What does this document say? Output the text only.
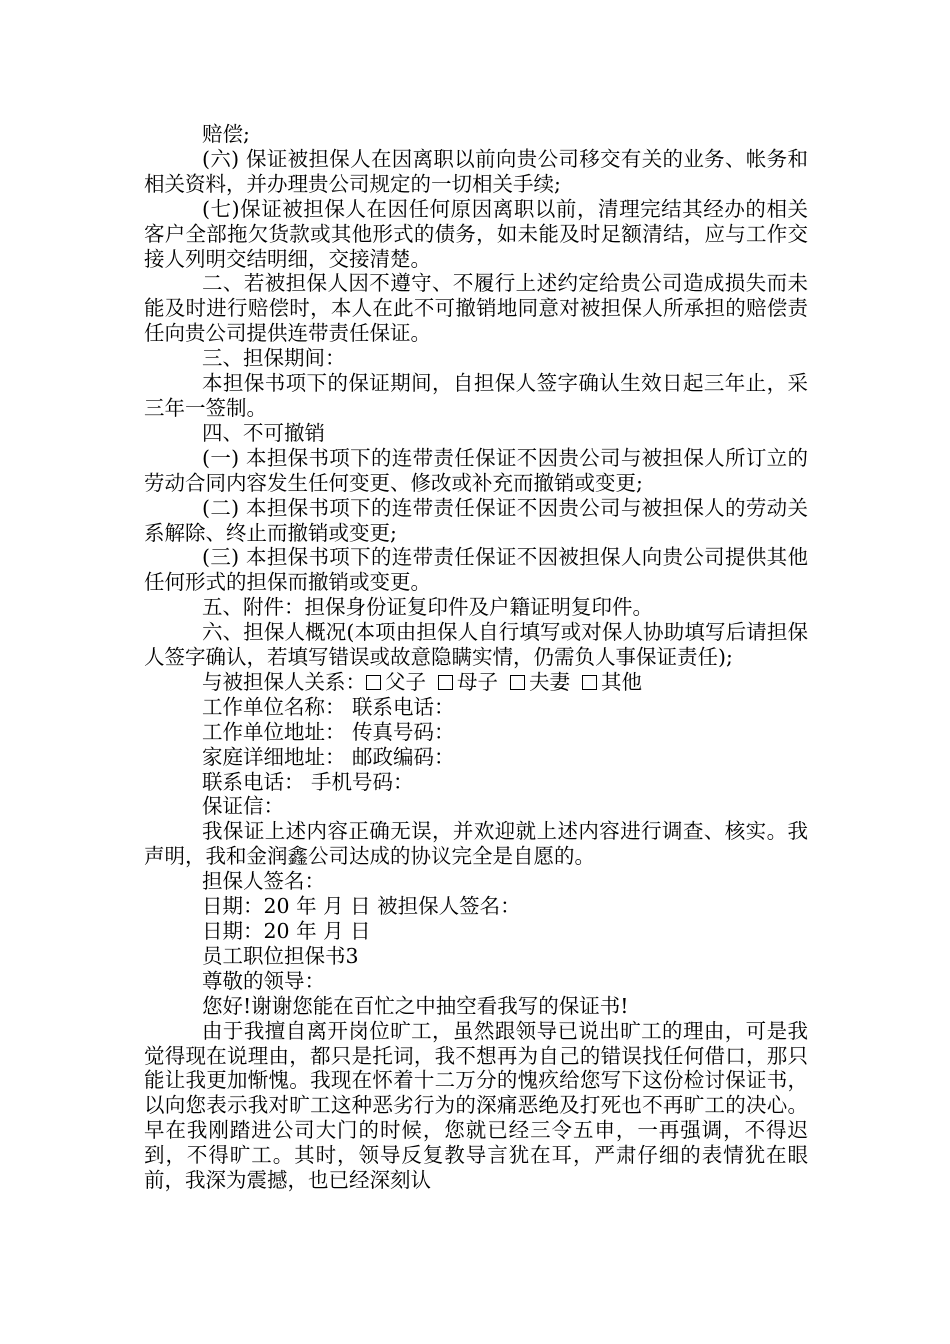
赔偿;

(六) 保证被担保人在因离职以前向贵公司移交有关的业务、帐务和相关资料，并办理贵公司规定的一切相关手续;

(七)保证被担保人在因任何原因离职以前，清理完结其经办的相关客户全部拖欠货款或其他形式的债务，如未能及时足额清结，应与工作交接人列明交结明细，交接清楚。

二、若被担保人因不遵守、不履行上述约定给贵公司造成损失而未能及时进行赔偿时，本人在此不可撤销地同意对被担保人所承担的赔偿责任向贵公司提供连带责任保证。

三、担保期间：

本担保书项下的保证期间，自担保人签字确认生效日起三年止，采三年一签制。

四、不可撤销

(一) 本担保书项下的连带责任保证不因贵公司与被担保人所订立的劳动合同内容发生任何变更、修改或补充而撤销或变更;

(二) 本担保书项下的连带责任保证不因贵公司与被担保人的劳动关系解除、终止而撤销或变更;

(三) 本担保书项下的连带责任保证不因被担保人向贵公司提供其他任何形式的担保而撤销或变更。

五、附件：担保身份证复印件及户籍证明复印件。

六、担保人概况(本项由担保人自行填写或对保人协助填写后请担保人签字确认，若填写错误或故意隐瞒实情，仍需负人事保证责任);

与被担保人关系： 父子 母子 夫妻 其他

工作单位名称： 联系电话：

工作单位地址： 传真号码：

家庭详细地址： 邮政编码：

联系电话： 手机号码：

保证信：

我保证上述内容正确无误，并欢迎就上述内容进行调查、核实。我声明，我和金润鑫公司达成的协议完全是自愿的。

担保人签名：

日期：20 年 月 日 被担保人签名：

日期：20 年 月 日

员工职位担保书3

尊敬的领导：

您好!谢谢您能在百忙之中抽空看我写的保证书!

由于我擅自离开岗位旷工，虽然跟领导已说出旷工的理由，可是我觉得现在说理由，都只是托词，我不想再为自己的错误找任何借口，那只能让我更加惭愧。我现在怀着十二万分的愧疚给您写下这份检讨保证书，以向您表示我对旷工这种恶劣行为的深痛恶绝及打死也不再旷工的决心。早在我刚踏进公司大门的时候，您就已经三令五申，一再强调，不得迟到，不得旷工。其时，领导反复教导言犹在耳，严肃仔细的表情犹在眼前，我深为震撼，也已经深刻认
